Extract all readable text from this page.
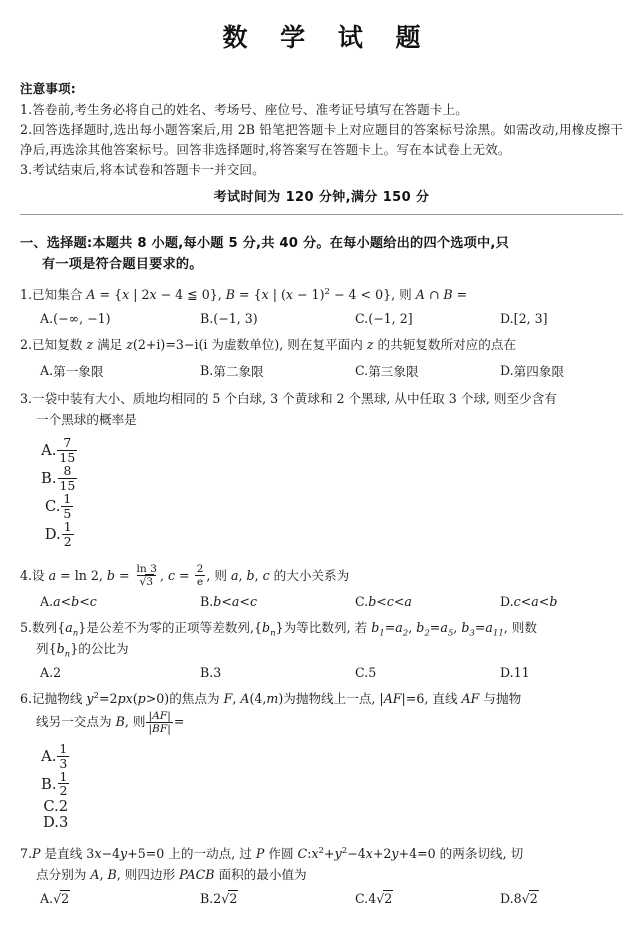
数 学 试 题
注意事项:
1.答卷前,考生务必将自己的姓名、考场号、座位号、准考证号填写在答题卡上。
2.回答选择题时,选出每小题答案后,用 2B 铅笔把答题卡上对应题目的答案标号涂黑。如需改动,用橡皮擦干净后,再选涂其他答案标号。回答非选择题时,将答案写在答题卡上。写在本试卷上无效。
3.考试结束后,将本试卷和答题卡一并交回。
考试时间为 120 分钟,满分 150 分
一、选择题:本题共 8 小题,每小题 5 分,共 40 分。在每小题给出的四个选项中,只
有一项是符合题目要求的。
1.已知集合 A = {x | 2x − 4 ≦ 0}, B = {x | $(x - 1)^2 - 4 < 0$}, 则 A ∩ B =
A. (−∞, −1)	B. (−1, 3)	C. (−1, 2]	D. [2, 3]
2.已知复数 z 满足 z(2+i)=3−i(i 为虚数单位), 则在复平面内 z 的共轭复数所对应的点在
A. 第一象限	B. 第二象限	C. 第三象限	D. 第四象限
3.一袋中装有大小、质地均相同的 5 个白球, 3 个黄球和 2 个黑球, 从中任取 3 个球, 则至少含有
一个黑球的概率是
A. $\frac{7}{15}$
B. $\frac{8}{15}$
C. $\frac{1}{5}$
D. $\frac{1}{2}$
4.设 a = ln 2, $b = \frac{\ln 3}{√3}$ , $c = \frac{2}{e}$ , 则 a, b, c 的大小关系为
A. a<b<c	B. b<a<c	C. b<c<a	D. c<a<b
5.数列$\{a_n\}$是公差不为零的正项等差数列$,\{b_n\}$为等比数列, 若 $b_1=a_2$, $b_2=a_5$, $b_3=a_{11}$, 则数
列$\{b_n\}$的公比为
A. 2	B. 3	C. 5	D. 11
6.记抛物线 $y^2=2px(p>0)$的焦点为 F, A(4,m)为抛物线上一点, |AF|=6, 直线 AF 与抛物
线另一交点为 B, 则 $\frac{|AF|}{|BF|}$ =
A. $\frac{1}{3}$
B. $\frac{1}{2}$
C. 2
D. 3
7.P 是直线 3x−4y+5=0 上的一动点, 过 P 作圆 $C:x^2+y^2-4x+2y+4=0$ 的两条切线, 切
点分别为 A, B, 则四边形 PACB 面积的最小值为
A. √2	B. 2√2	C. 4√2	D. 8√2
